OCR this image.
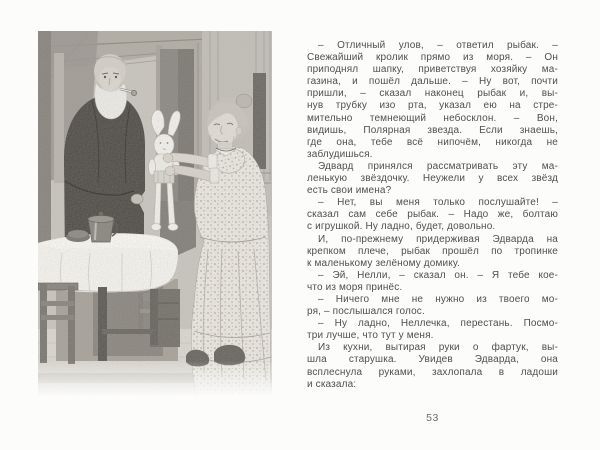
– Отличный улов, – ответил рыбак. –
Свежайший кролик прямо из моря. – Он
приподнял шапку, приветствуя хозяйку ма-
газина, и пошёл дальше. – Ну вот, почти
пришли, – сказал наконец рыбак и, вы-
нув трубку изо рта, указал ею на стре-
мительно темнеющий небосклон. – Вон,
видишь, Полярная звезда. Если знаешь,
где она, тебе всё нипочём, никогда не
заблудишься.
Эдвард принялся рассматривать эту ма-
ленькую звёздочку. Неужели у всех звёзд
есть свои имена?
– Нет, вы меня только послушайте! –
сказал сам себе рыбак. – Надо же, болтаю
с игрушкой. Ну ладно, будет, довольно.
И, по-прежнему придерживая Эдварда на
крепком плече, рыбак прошёл по тропинке
к маленькому зелёному домику.
– Эй, Нелли, – сказал он. – Я тебе кое-
что из моря принёс.
– Ничего мне не нужно из твоего мо-
ря, – послышался голос.
– Ну ладно, Неллечка, перестань. Посмо-
три лучше, что тут у меня.
Из кухни, вытирая руки о фартук, вы-
шла старушка. Увидев Эдварда, она
всплеснула руками, захлопала в ладоши
и сказала:
53
